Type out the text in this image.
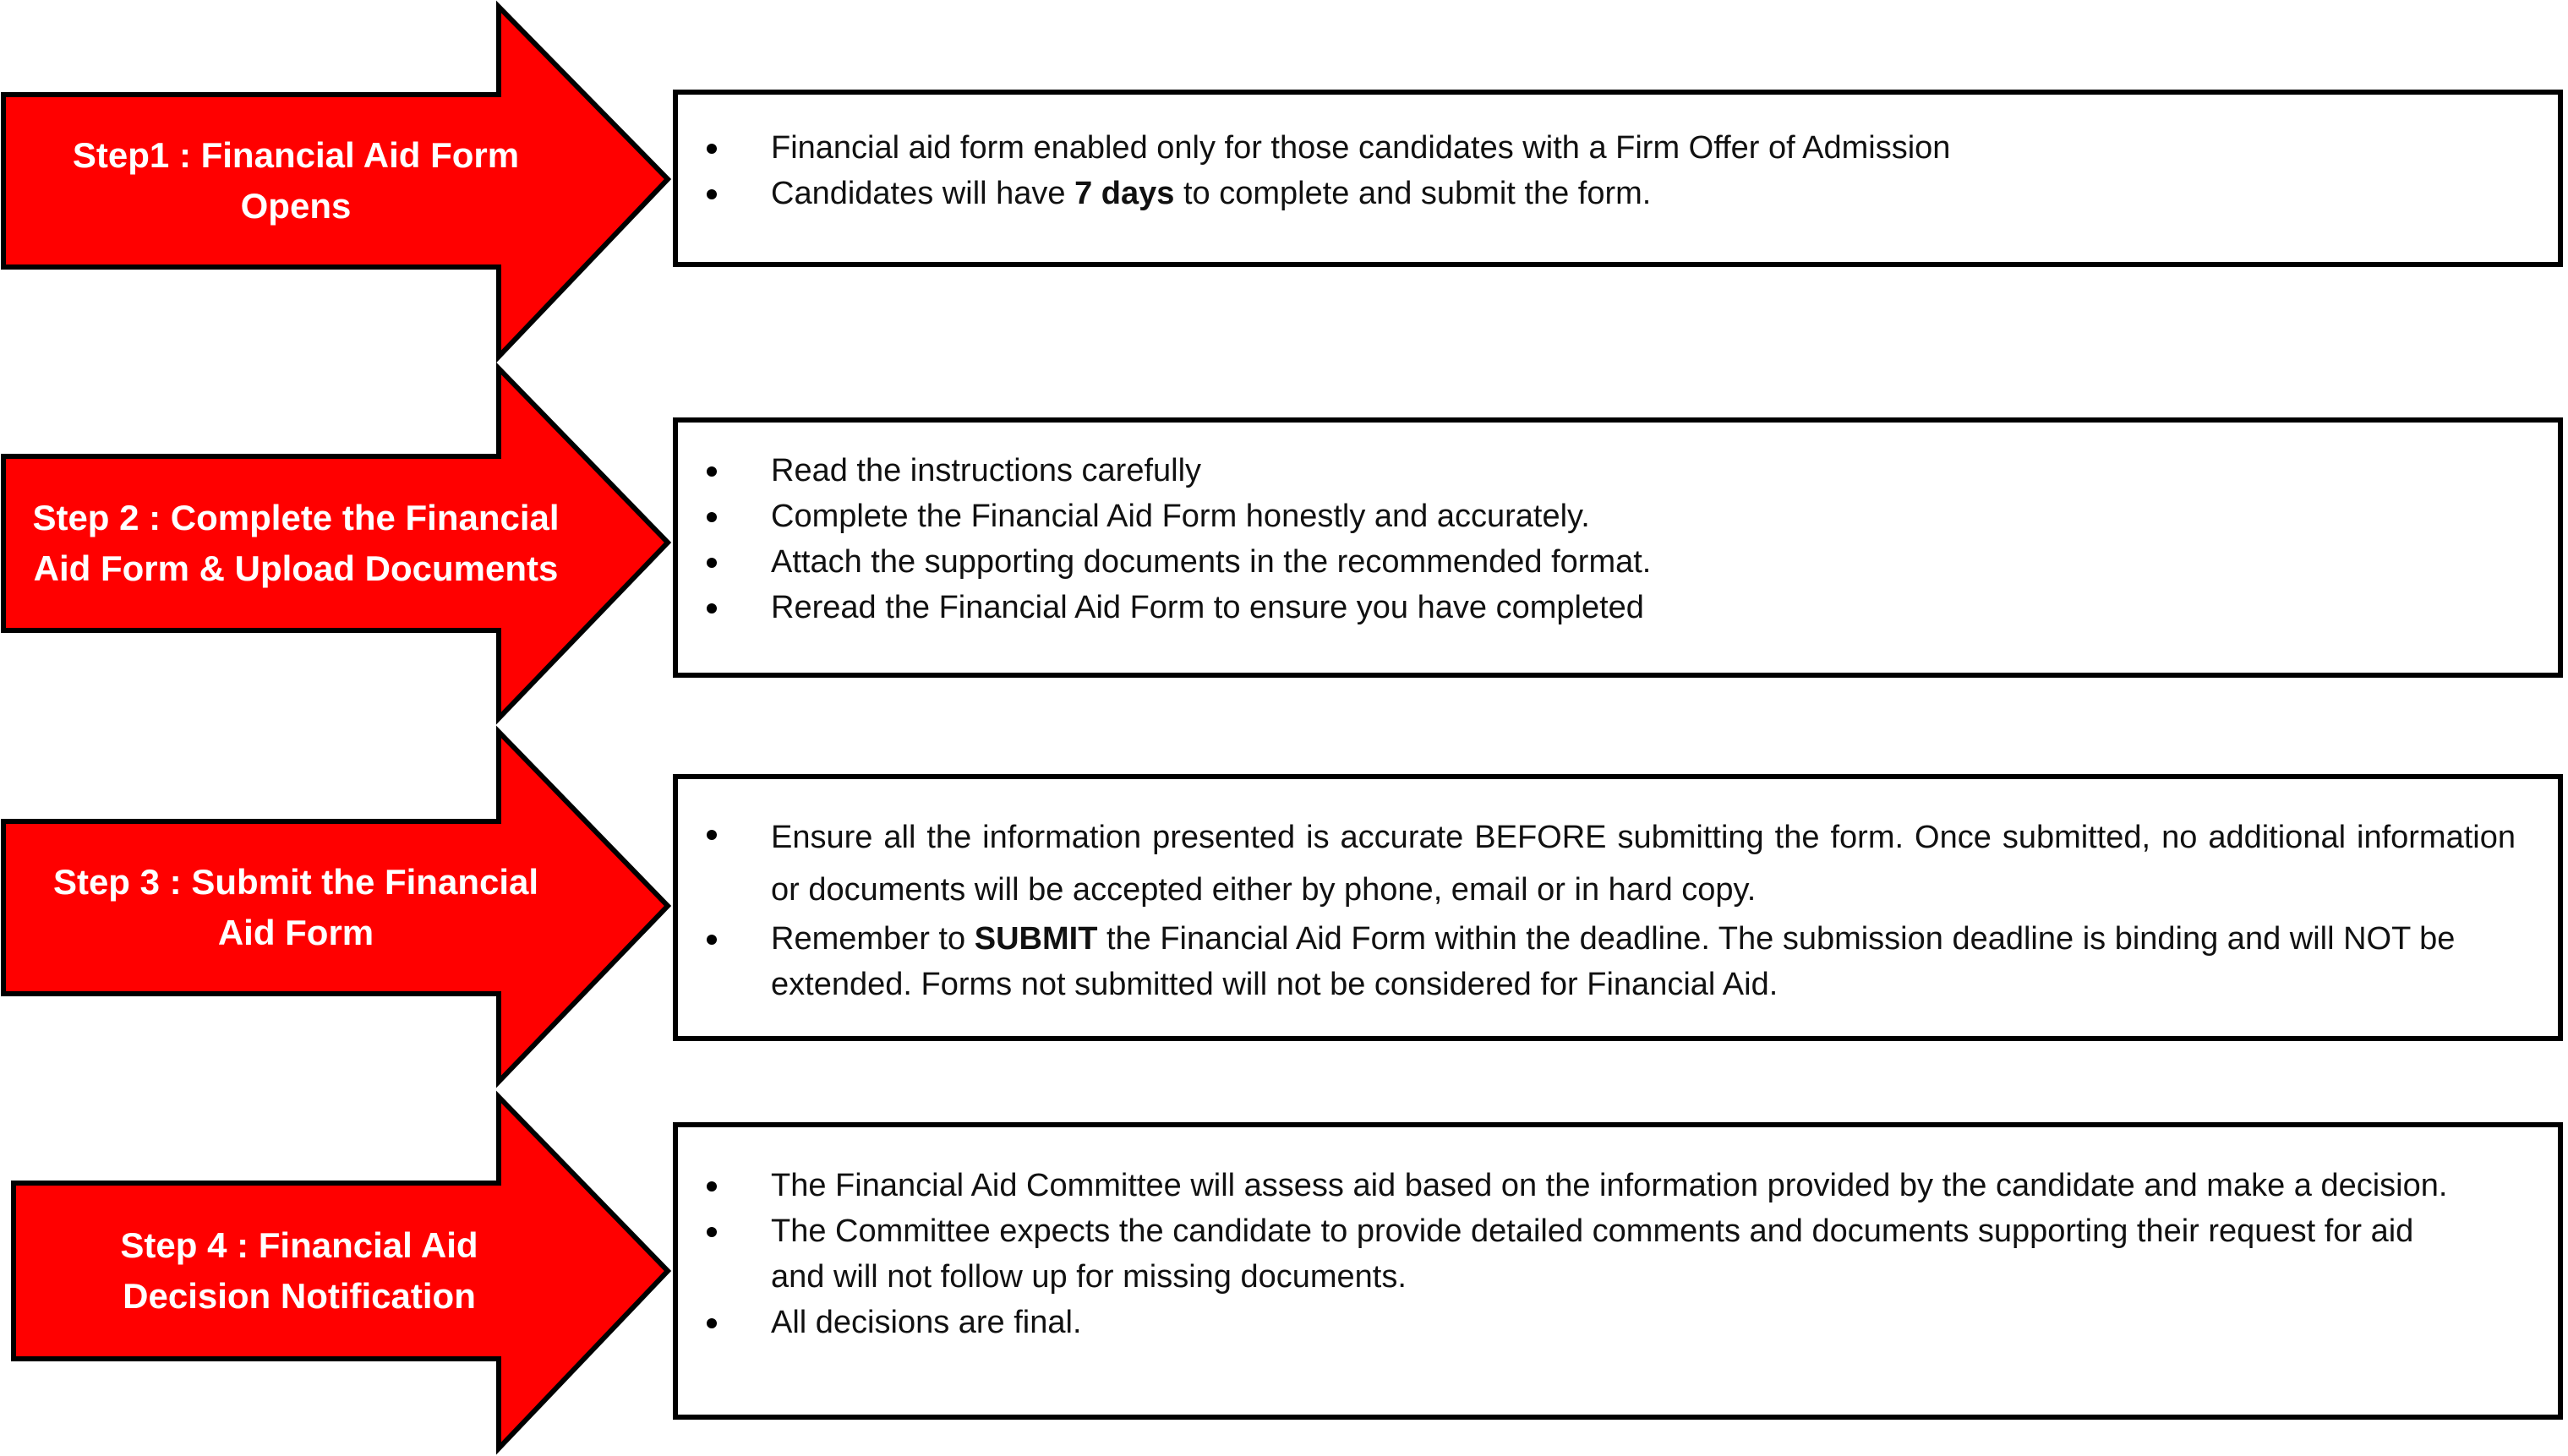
Step1 : Financial Aid Form
Opens
Step 2 : Complete the Financial
Aid Form & Upload Documents
Step 3 : Submit the Financial
Aid Form
Step 4 : Financial Aid
Decision Notification
Financial aid form enabled only for those candidates with a Firm Offer of Admission
Candidates will have 7 days to complete and submit the form.
Read the instructions carefully
Complete the Financial Aid Form honestly and accurately.
Attach the supporting documents in the recommended format.
Reread the Financial Aid Form to ensure you have completed
Ensure all the information presented is accurate BEFORE submitting the form. Once submitted, no additional information or documents will be accepted either by phone, email or in hard copy.
Remember to SUBMIT the Financial Aid Form within the deadline. The submission deadline is binding and will NOT be extended. Forms not submitted will not be considered for Financial Aid.
The Financial Aid Committee will assess aid based on the information provided by the candidate and make a decision.
The Committee expects the candidate to provide detailed comments and documents supporting their request for aid and will not follow up for missing documents.
All decisions are final.
